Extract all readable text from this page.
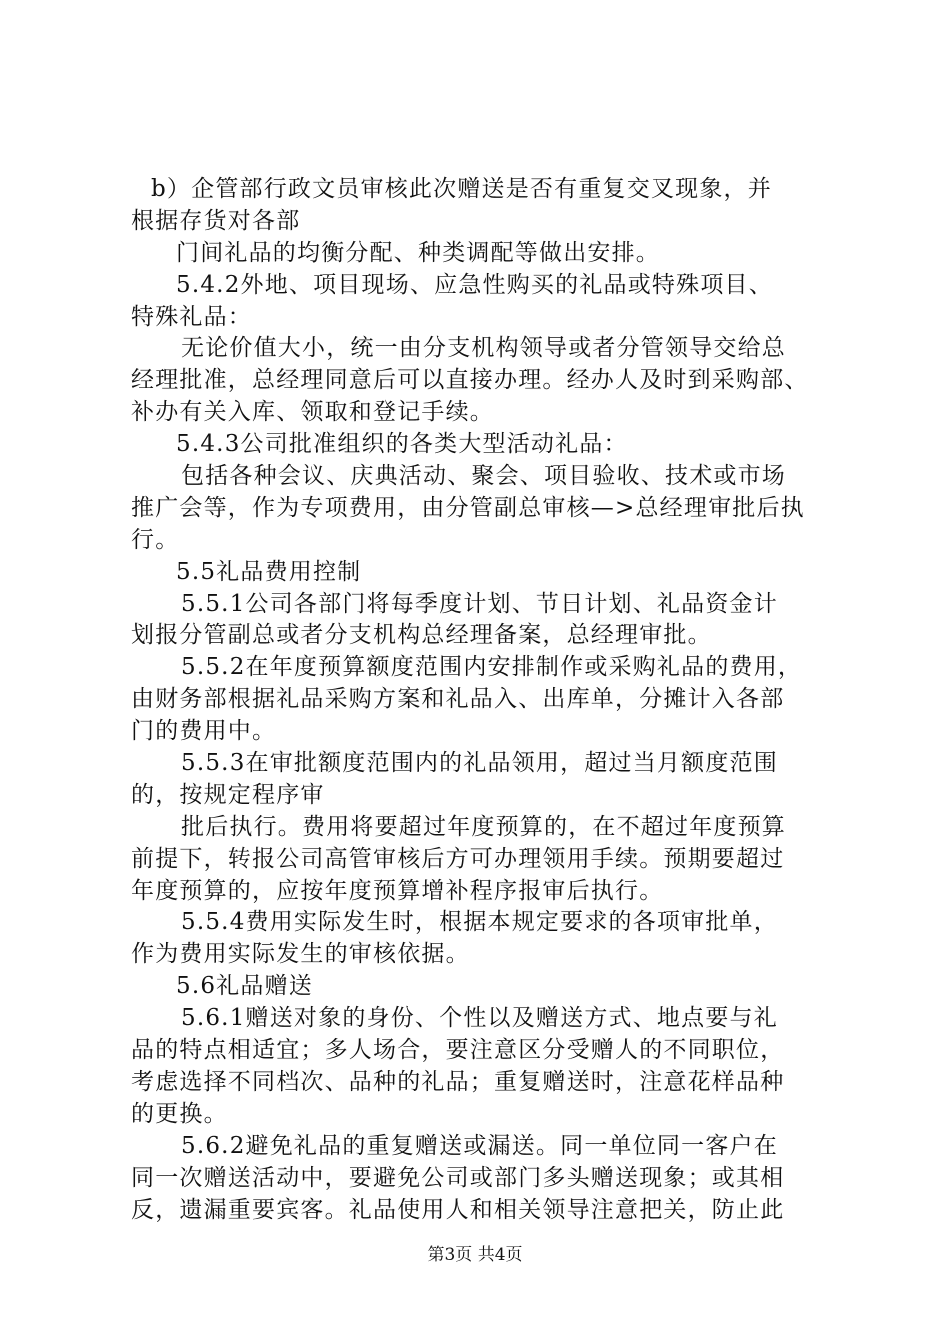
b）企管部行政文员审核此次赠送是否有重复交叉现象，并
根据存货对各部
门间礼品的均衡分配、种类调配等做出安排。
5.4.2外地、项目现场、应急性购买的礼品或特殊项目、
特殊礼品：
无论价值大小，统一由分支机构领导或者分管领导交给总
经理批准，总经理同意后可以直接办理。经办人及时到采购部、
补办有关入库、领取和登记手续。
5.4.3公司批准组织的各类大型活动礼品：
包括各种会议、庆典活动、聚会、项目验收、技术或市场
推广会等，作为专项费用，由分管副总审核—>总经理审批后执
行。
5.5礼品费用控制
5.5.1公司各部门将每季度计划、节日计划、礼品资金计
划报分管副总或者分支机构总经理备案，总经理审批。
5.5.2在年度预算额度范围内安排制作或采购礼品的费用，
由财务部根据礼品采购方案和礼品入、出库单，分摊计入各部
门的费用中。
5.5.3在审批额度范围内的礼品领用，超过当月额度范围
的，按规定程序审
批后执行。费用将要超过年度预算的，在不超过年度预算
前提下，转报公司高管审核后方可办理领用手续。预期要超过
年度预算的，应按年度预算增补程序报审后执行。
5.5.4费用实际发生时，根据本规定要求的各项审批单，
作为费用实际发生的审核依据。
5.6礼品赠送
5.6.1赠送对象的身份、个性以及赠送方式、地点要与礼
品的特点相适宜；多人场合，要注意区分受赠人的不同职位，
考虑选择不同档次、品种的礼品；重复赠送时，注意花样品种
的更换。
5.6.2避免礼品的重复赠送或漏送。同一单位同一客户在
同一次赠送活动中，要避免公司或部门多头赠送现象；或其相
反，遗漏重要宾客。礼品使用人和相关领导注意把关，防止此
第3页 共4页
